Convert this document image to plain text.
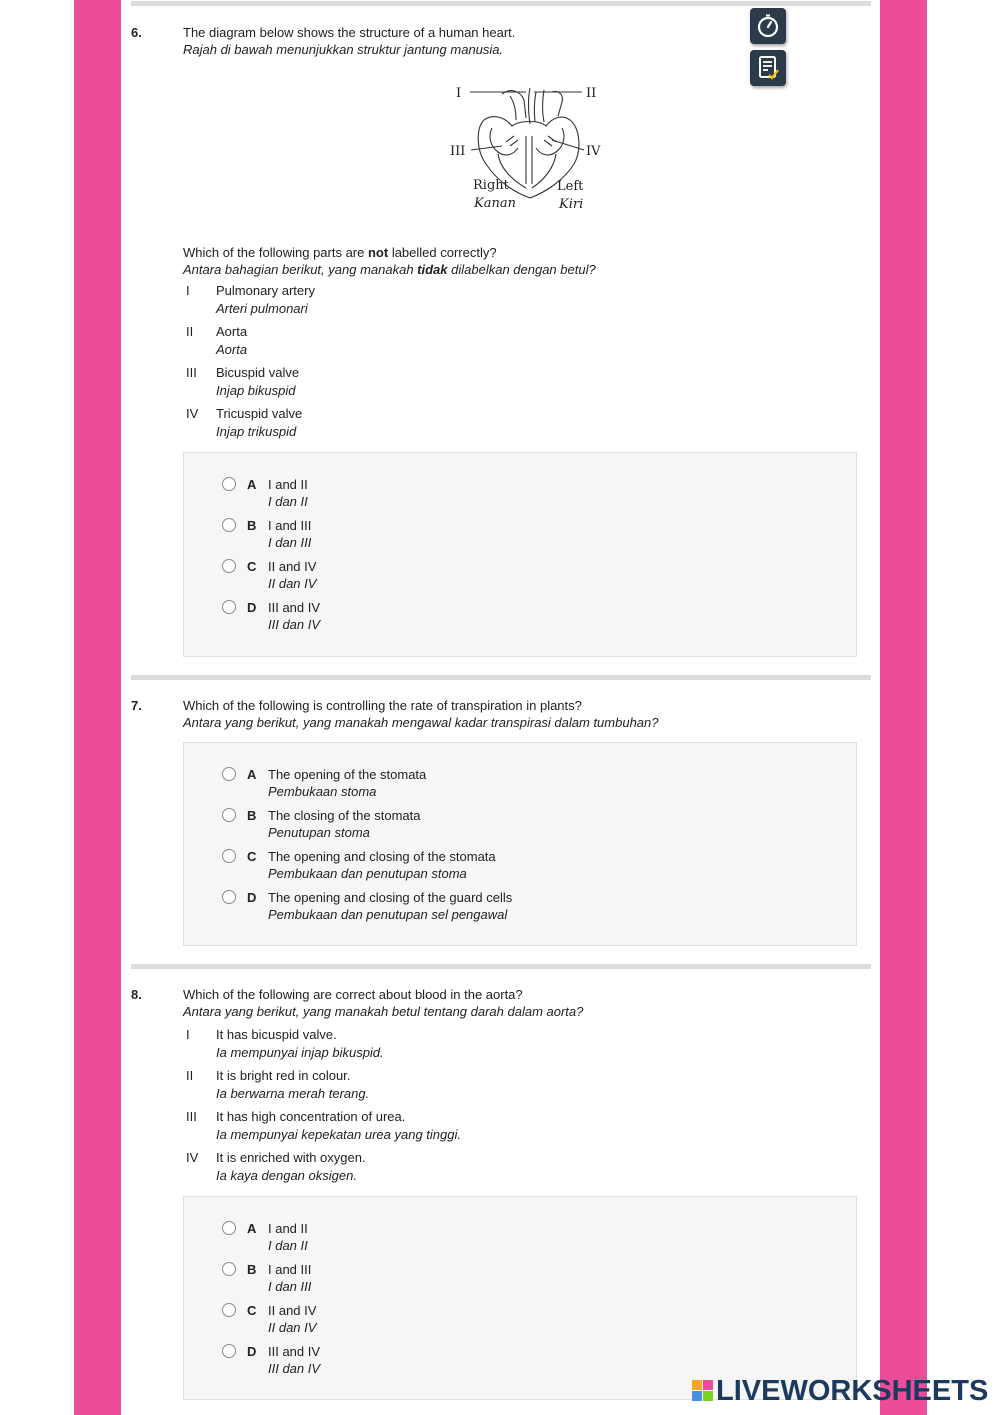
6.	The diagram below shows the structure of a human heart.
Rajah di bawah menunjukkan struktur jantung manusia.
I	II
III	IV
Right
Kanan
Left
Kiri
Which of the following parts are not labelled correctly?
Antara bahagian berikut, yang manakah tidak dilabelkan dengan betul?
I	Pulmonary artery
Arteri pulmonari
II	Aorta
Aorta
III	Bicuspid valve
Injap bikuspid
IV	Tricuspid valve
Injap trikuspid
A I and II
I dan II
B I and III
I dan III
C II and IV
II dan IV
D III and IV
III dan IV
7.	Which of the following is controlling the rate of transpiration in plants?
Antara yang berikut, yang manakah mengawal kadar transpirasi dalam tumbuhan?
A The opening of the stomata
Pembukaan stoma
B The closing of the stomata
Penutupan stoma
C The opening and closing of the stomata
Pembukaan dan penutupan stoma
D The opening and closing of the guard cells
Pembukaan dan penutupan sel pengawal
8.	Which of the following are correct about blood in the aorta?
Antara yang berikut, yang manakah betul tentang darah dalam aorta?
I	It has bicuspid valve.
Ia mempunyai injap bikuspid.
II	It is bright red in colour.
Ia berwarna merah terang.
III	It has high concentration of urea.
Ia mempunyai kepekatan urea yang tinggi.
IV	It is enriched with oxygen.
Ia kaya dengan oksigen.
A I and II
I dan II
B I and III
I dan III
C II and IV
II dan IV
D III and IV
III dan IV
LIVEWORKSHEETS
